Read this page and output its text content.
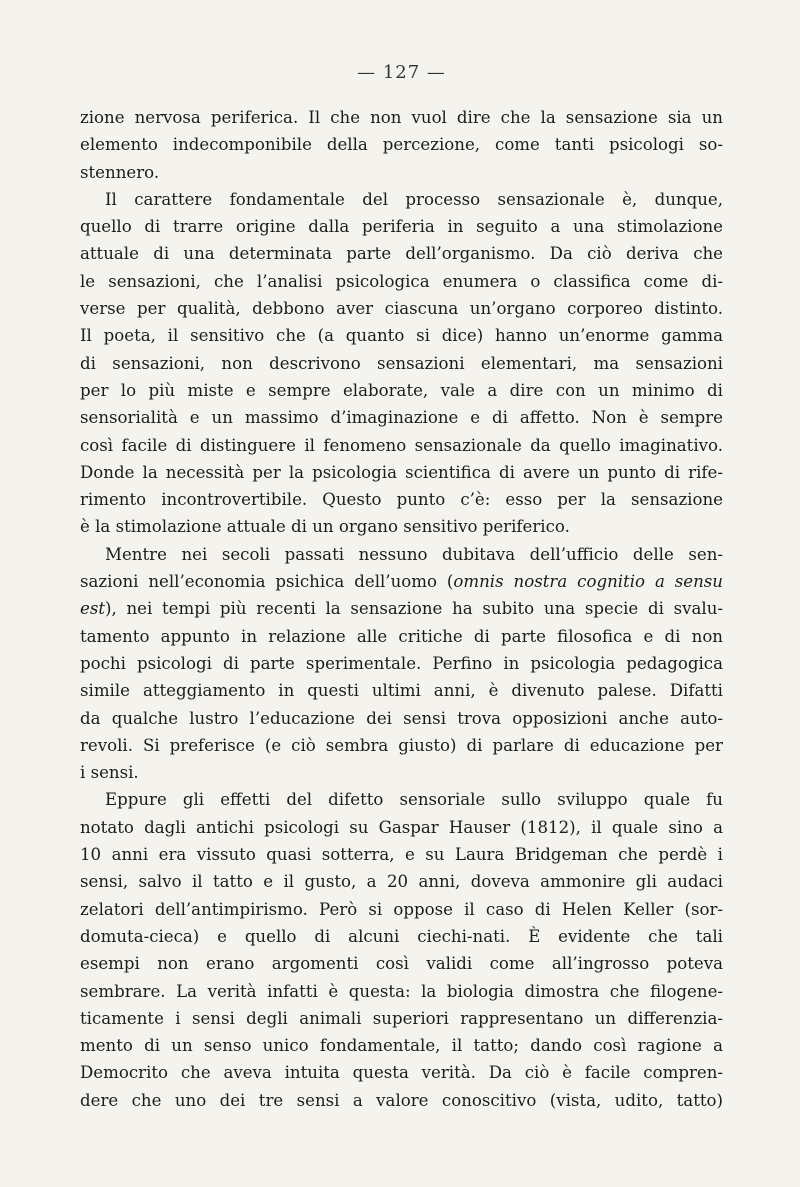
— 127 —
zione nervosa periferica. Il che non vuol dire che la sensazione sia un
elemento indecomponibile della percezione, come tanti psicologi so-
stennero.
Il carattere fondamentale del processo sensazionale è, dunque,
quello di trarre origine dalla periferia in seguito a una stimolazione
attuale di una determinata parte dell’organismo. Da ciò deriva che
le sensazioni, che l’analisi psicologica enumera o classifica come di-
verse per qualità, debbono aver ciascuna un’organo corporeo distinto.
Il poeta, il sensitivo che (a quanto si dice) hanno un’enorme gamma
di sensazioni, non descrivono sensazioni elementari, ma sensazioni
per lo più miste e sempre elaborate, vale a dire con un minimo di
sensorialità e un massimo d’imaginazione e di affetto. Non è sempre
così facile di distinguere il fenomeno sensazionale da quello imaginativo.
Donde la necessità per la psicologia scientifica di avere un punto di rife-
rimento incontrovertibile. Questo punto c’è: esso per la sensazione
è la stimolazione attuale di un organo sensitivo periferico.
Mentre nei secoli passati nessuno dubitava dell’ufficio delle sen-
sazioni nell’economia psichica dell’uomo (omnis nostra cognitio a sensu
est), nei tempi più recenti la sensazione ha subito una specie di svalu-
tamento appunto in relazione alle critiche di parte filosofica e di non
pochi psicologi di parte sperimentale. Perfino in psicologia pedagogica
simile atteggiamento in questi ultimi anni, è divenuto palese. Difatti
da qualche lustro l’educazione dei sensi trova opposizioni anche auto-
revoli. Si preferisce (e ciò sembra giusto) di parlare di educazione per
i sensi.
Eppure gli effetti del difetto sensoriale sullo sviluppo quale fu
notato dagli antichi psicologi su Gaspar Hauser (1812), il quale sino a
10 anni era vissuto quasi sotterra, e su Laura Bridgeman che perdè i
sensi, salvo il tatto e il gusto, a 20 anni, doveva ammonire gli audaci
zelatori dell’antimpirismo. Però si oppose il caso di Helen Keller (sor-
domuta-cieca) e quello di alcuni ciechi-nati. È evidente che tali
esempi non erano argomenti così validi come all’ingrosso poteva
sembrare. La verità infatti è questa: la biologia dimostra che filogene-
ticamente i sensi degli animali superiori rappresentano un differenzia-
mento di un senso unico fondamentale, il tatto; dando così ragione a
Democrito che aveva intuita questa verità. Da ciò è facile compren-
dere che uno dei tre sensi a valore conoscitivo (vista, udito, tatto)
